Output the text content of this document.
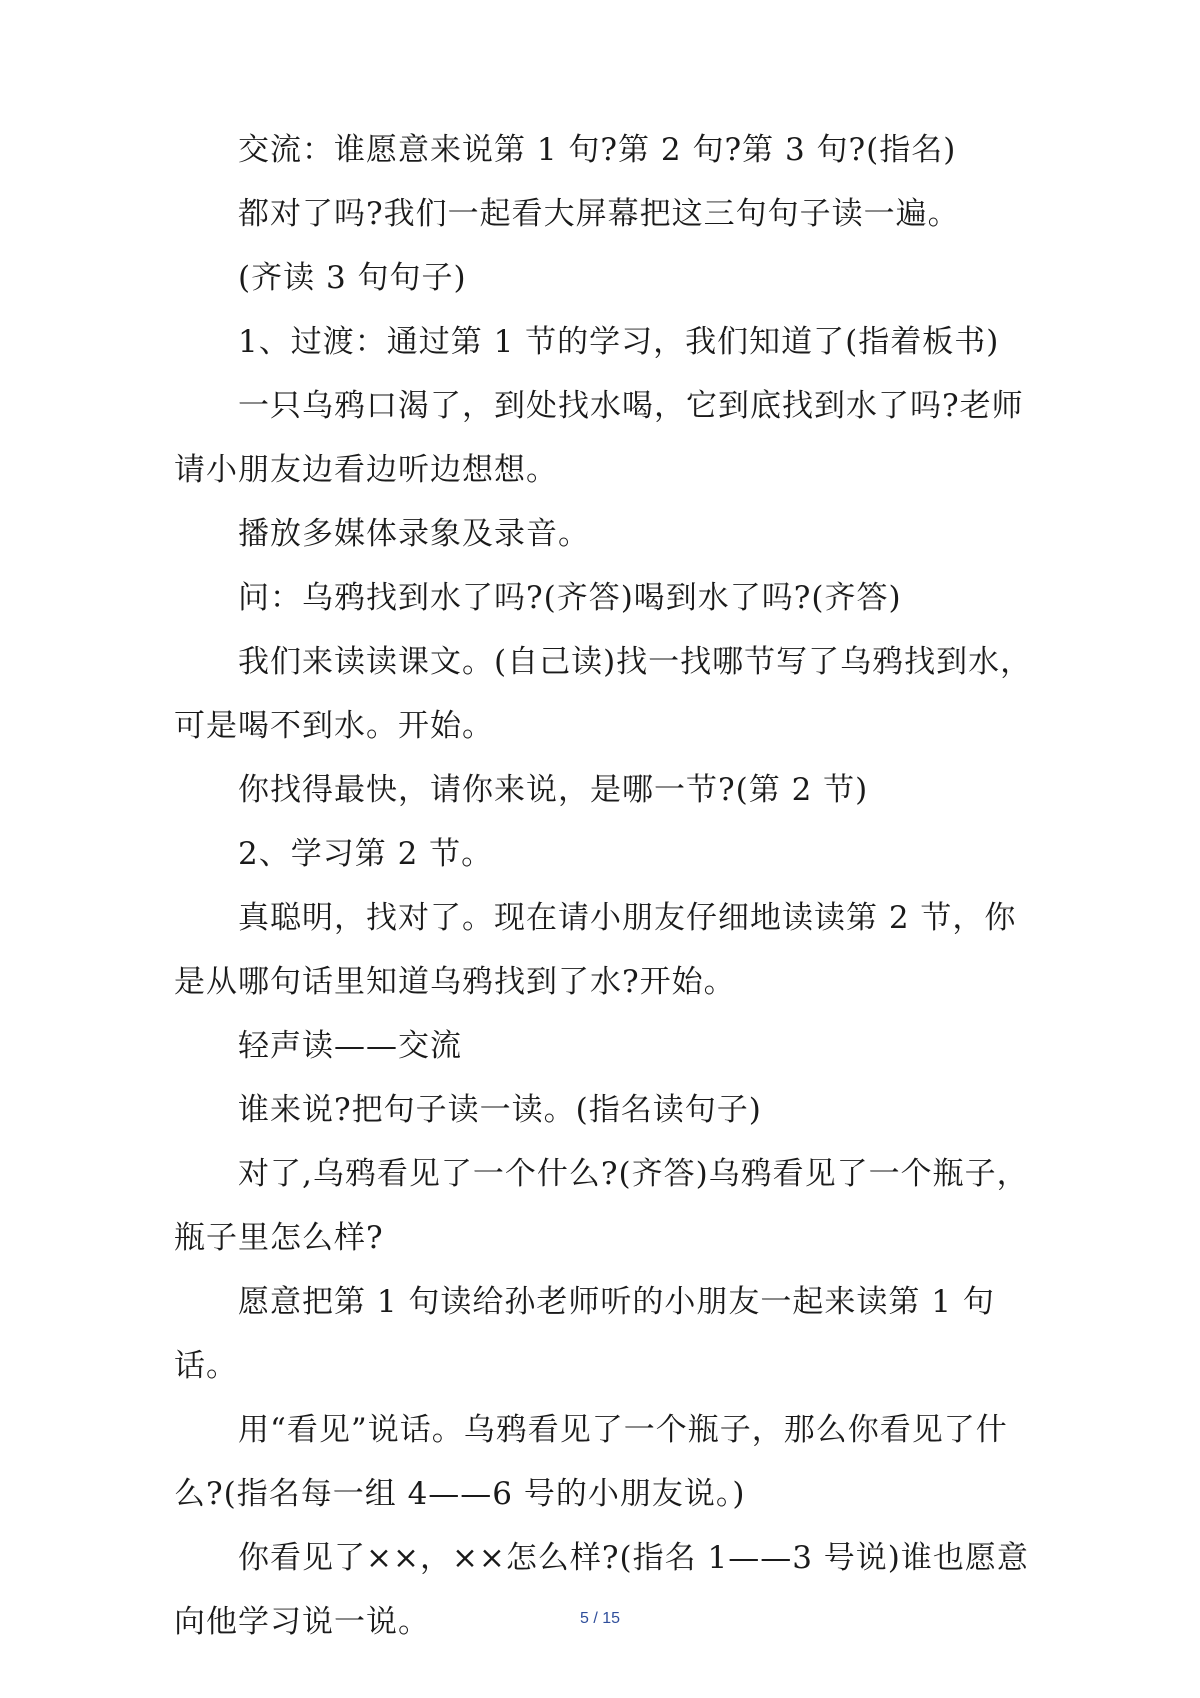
交流：谁愿意来说第 1 句?第 2 句?第 3 句?(指名)

都对了吗?我们一起看大屏幕把这三句句子读一遍。

(齐读 3 句句子)

1、过渡：通过第 1 节的学习，我们知道了(指着板书)

一只乌鸦口渴了，到处找水喝，它到底找到水了吗?老师请小朋友边看边听边想想。

播放多媒体录象及录音。

问：乌鸦找到水了吗?(齐答)喝到水了吗?(齐答)

我们来读读课文。(自己读)找一找哪节写了乌鸦找到水，可是喝不到水。开始。

你找得最快，请你来说，是哪一节?(第 2 节)

2、学习第 2 节。

真聪明，找对了。现在请小朋友仔细地读读第 2 节，你是从哪句话里知道乌鸦找到了水?开始。

轻声读——交流

谁来说?把句子读一读。(指名读句子)

对了,乌鸦看见了一个什么?(齐答)乌鸦看见了一个瓶子，瓶子里怎么样?

愿意把第 1 句读给孙老师听的小朋友一起来读第 1 句话。

用“看见”说话。乌鸦看见了一个瓶子，那么你看见了什么?(指名每一组 4——6 号的小朋友说。)

你看见了××，××怎么样?(指名 1——3 号说)谁也愿意向他学习说一说。	5 / 15
